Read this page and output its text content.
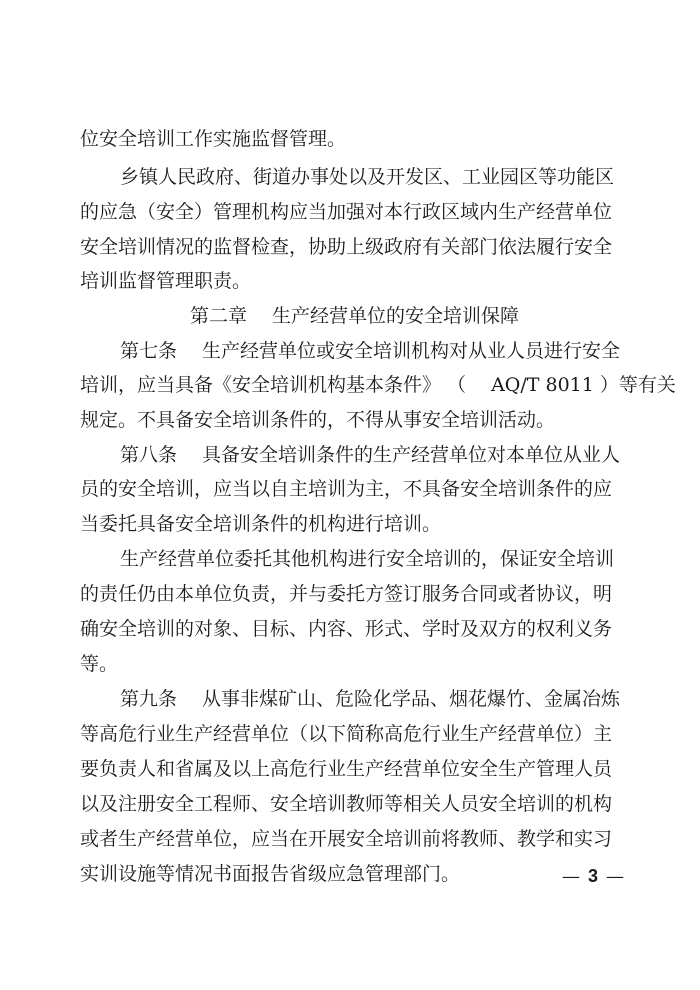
位安全培训工作实施监督管理。
乡镇人民政府、街道办事处以及开发区、工业园区等功能区
的应急（安全）管理机构应当加强对本行政区域内生产经营单位
安全培训情况的监督检查，协助上级政府有关部门依法履行安全
培训监督管理职责。
第二章　 生产经营单位的安全培训保障
第七条　 生产经营单位或安全培训机构对从业人员进行安全
培训，应当具备《安全培训机构基本条件》 （　 AQ/T 8011 ）等有关
规定。不具备安全培训条件的，不得从事安全培训活动。
第八条　 具备安全培训条件的生产经营单位对本单位从业人
员的安全培训，应当以自主培训为主，不具备安全培训条件的应
当委托具备安全培训条件的机构进行培训。
生产经营单位委托其他机构进行安全培训的，保证安全培训
的责任仍由本单位负责，并与委托方签订服务合同或者协议，明
确安全培训的对象、目标、内容、形式、学时及双方的权利义务
等。
第九条　 从事非煤矿山、危险化学品、烟花爆竹、金属冶炼
等高危行业生产经营单位（以下简称高危行业生产经营单位）主
要负责人和省属及以上高危行业生产经营单位安全生产管理人员
以及注册安全工程师、安全培训教师等相关人员安全培训的机构
或者生产经营单位，应当在开展安全培训前将教师、教学和实习
实训设施等情况书面报告省级应急管理部门。	— 3 —
